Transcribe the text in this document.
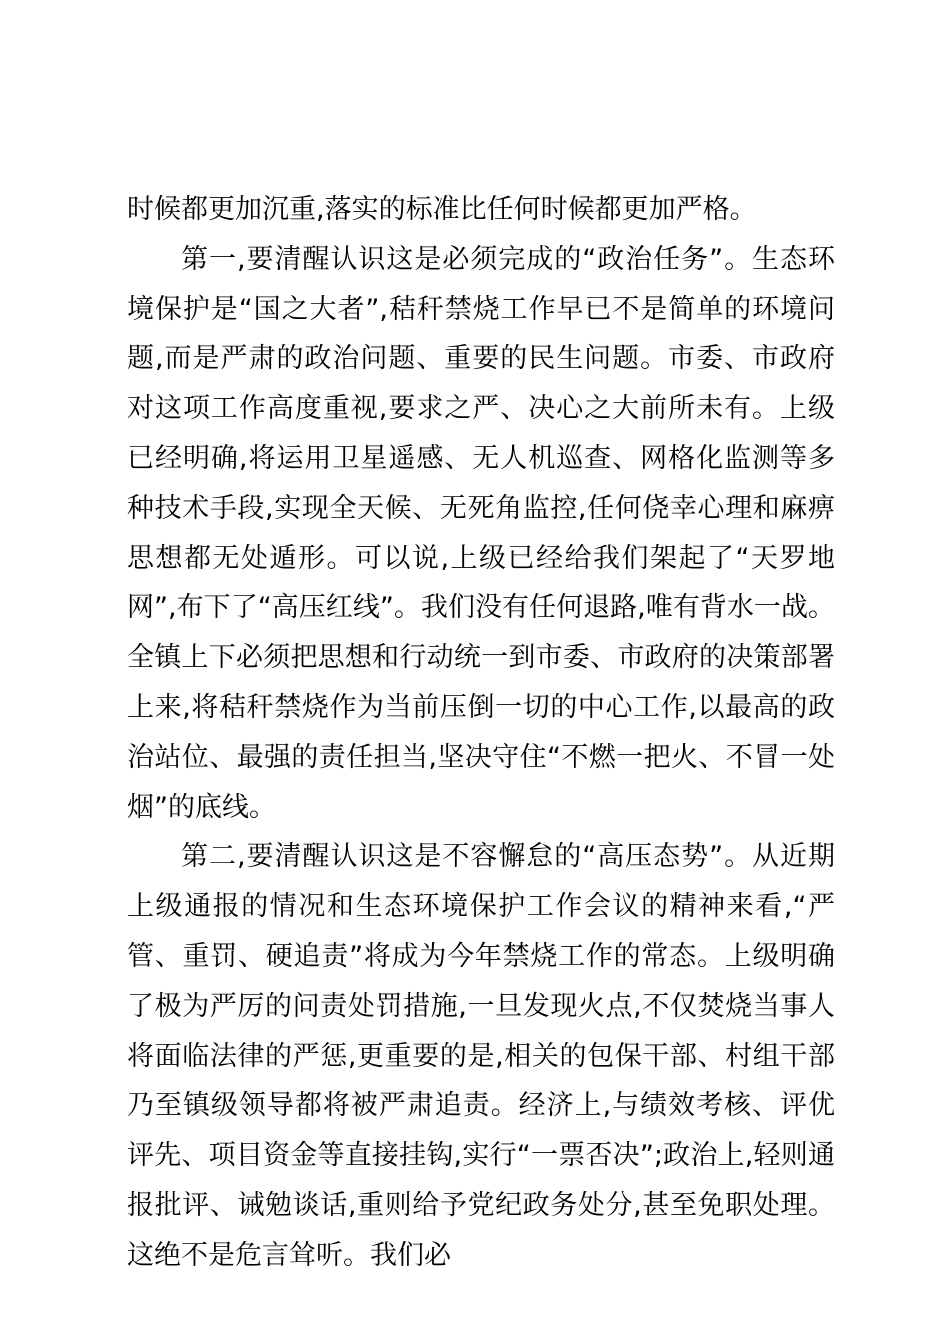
时候都更加沉重,落实的标准比任何时候都更加严格。

第一,要清醒认识这是必须完成的“政治任务”。生态环境保护是“国之大者”,秸秆禁烧工作早已不是简单的环境问题,而是严肃的政治问题、重要的民生问题。市委、市政府对这项工作高度重视,要求之严、决心之大前所未有。上级已经明确,将运用卫星遥感、无人机巡查、网格化监测等多种技术手段,实现全天候、无死角监控,任何侥幸心理和麻痹思想都无处遁形。可以说,上级已经给我们架起了“天罗地网”,布下了“高压红线”。我们没有任何退路,唯有背水一战。全镇上下必须把思想和行动统一到市委、市政府的决策部署上来,将秸秆禁烧作为当前压倒一切的中心工作,以最高的政治站位、最强的责任担当,坚决守住“不燃一把火、不冒一处烟”的底线。

第二,要清醒认识这是不容懈怠的“高压态势”。从近期上级通报的情况和生态环境保护工作会议的精神来看,“严管、重罚、硬追责”将成为今年禁烧工作的常态。上级明确了极为严厉的问责处罚措施,一旦发现火点,不仅焚烧当事人将面临法律的严惩,更重要的是,相关的包保干部、村组干部乃至镇级领导都将被严肃追责。经济上,与绩效考核、评优评先、项目资金等直接挂钩,实行“一票否决”;政治上,轻则通报批评、诫勉谈话,重则给予党纪政务处分,甚至免职处理。这绝不是危言耸听。我们必
